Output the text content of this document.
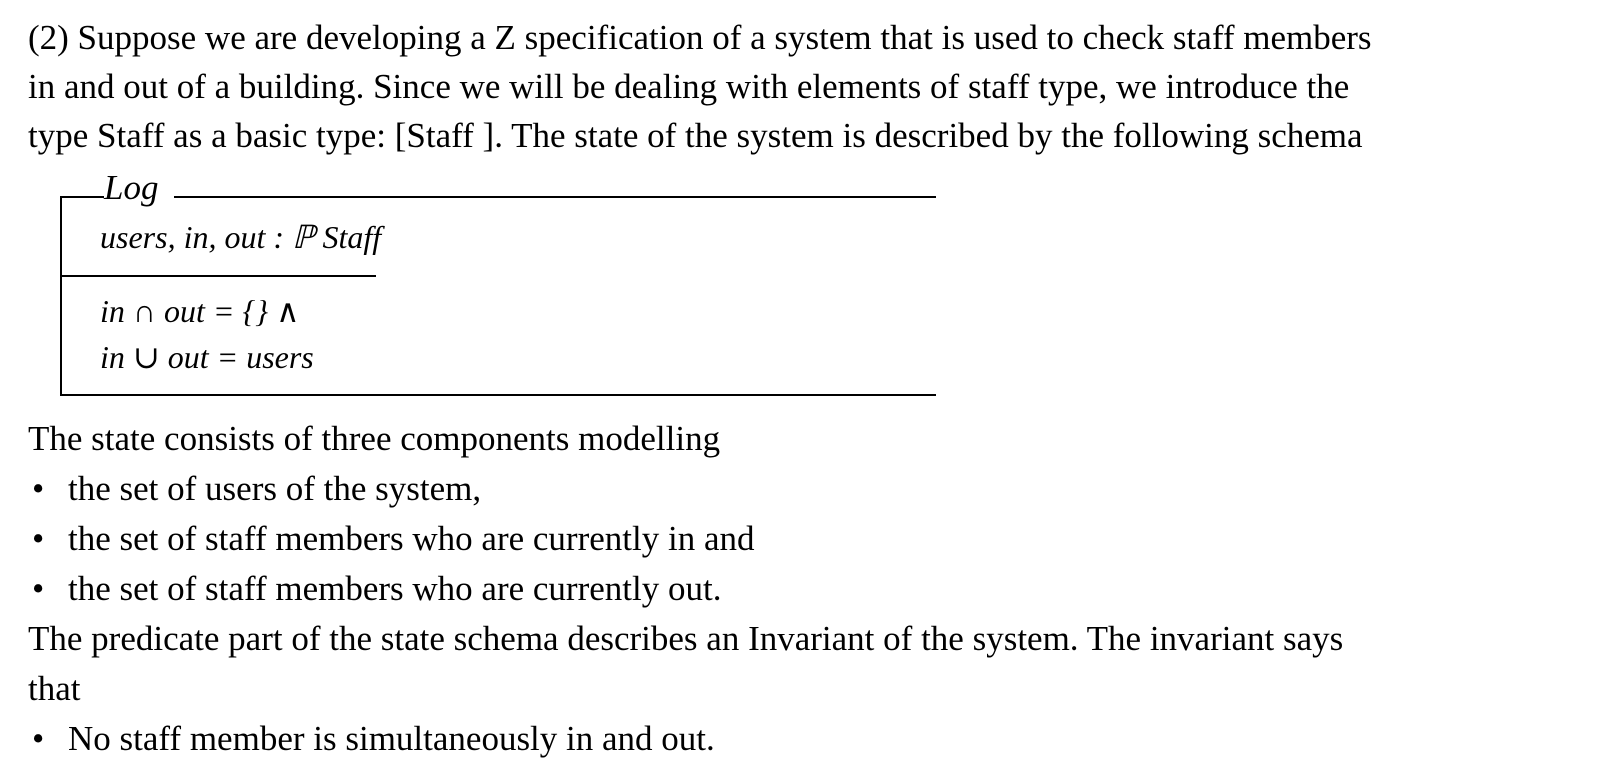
(2) Suppose we are developing a Z specification of a system that is used to check staff members
in and out of a building. Since we will be dealing with elements of staff type, we introduce the
type Staff as a basic type: [Staff ]. The state of the system is described by the following schema
Log
users, in, out : ℙ Staff
in ∩ out = {} ∧
in ∪ out = users
The state consists of three components modelling
• the set of users of the system,
• the set of staff members who are currently in and
• the set of staff members who are currently out.
The predicate part of the state schema describes an Invariant of the system. The invariant says
that
• No staff member is simultaneously in and out.
